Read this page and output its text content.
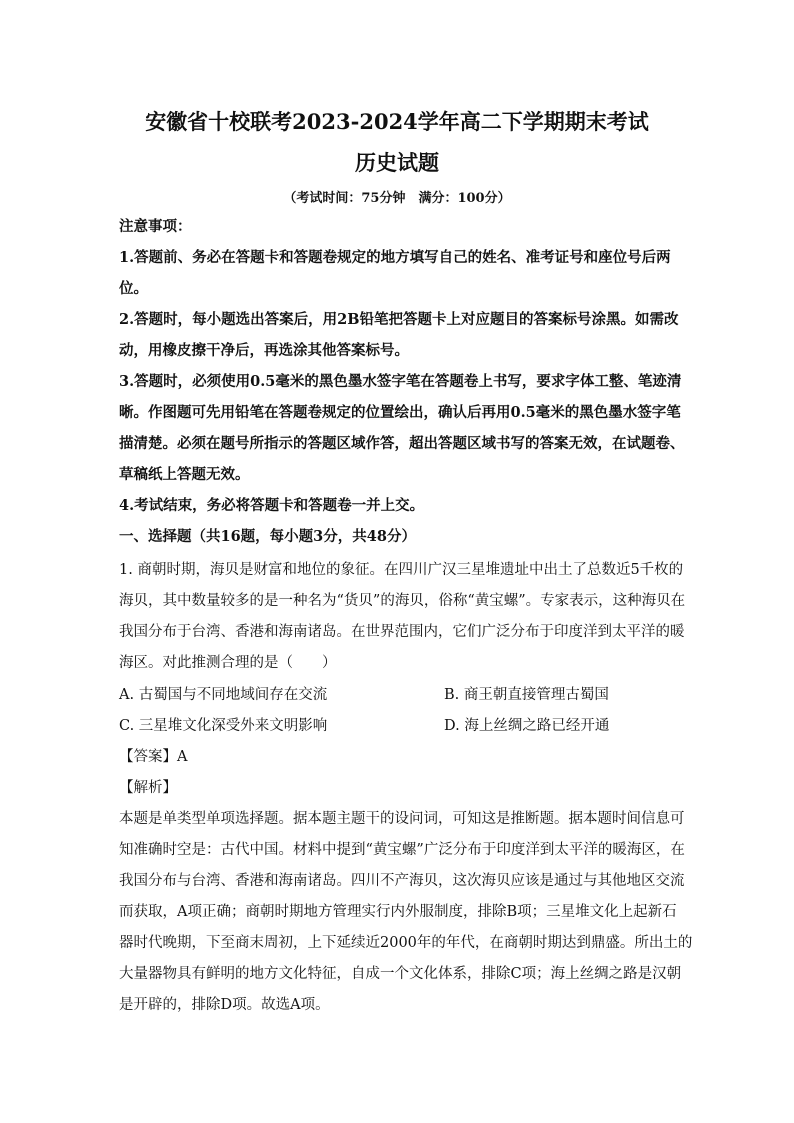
安徽省十校联考2023-2024学年高二下学期期末考试
历史试题
（考试时间：75分钟　满分：100分）
注意事项：
1.答题前、务必在答题卡和答题卷规定的地方填写自己的姓名、准考证号和座位号后两
位。
2.答题时，每小题选出答案后，用2B铅笔把答题卡上对应题目的答案标号涂黑。如需改
动，用橡皮擦干净后，再选涂其他答案标号。
3.答题时，必须使用0.5毫米的黑色墨水签字笔在答题卷上书写，要求字体工整、笔迹清
晰。作图题可先用铅笔在答题卷规定的位置绘出，确认后再用0.5毫米的黑色墨水签字笔
描清楚。必须在题号所指示的答题区域作答，超出答题区域书写的答案无效，在试题卷、
草稿纸上答题无效。
4.考试结束，务必将答题卡和答题卷一并上交。
一、选择题（共16题，每小题3分，共48分）
1. 商朝时期，海贝是财富和地位的象征。在四川广汉三星堆遗址中出土了总数近5千枚的
海贝，其中数量较多的是一种名为“货贝”的海贝，俗称“黄宝螺”。专家表示，这种海贝在
我国分布于台湾、香港和海南诸岛。在世界范围内，它们广泛分布于印度洋到太平洋的暖
海区。对此推测合理的是（　　）
A. 古蜀国与不同地域间存在交流	B. 商王朝直接管理古蜀国
C. 三星堆文化深受外来文明影响	D. 海上丝绸之路已经开通
【答案】A
【解析】
本题是单类型单项选择题。据本题主题干的设问词，可知这是推断题。据本题时间信息可
知准确时空是：古代中国。材料中提到“黄宝螺”广泛分布于印度洋到太平洋的暖海区，在
我国分布与台湾、香港和海南诸岛。四川不产海贝，这次海贝应该是通过与其他地区交流
而获取，A项正确；商朝时期地方管理实行内外服制度，排除B项；三星堆文化上起新石
器时代晚期，下至商末周初，上下延续近2000年的年代，在商朝时期达到鼎盛。所出土的
大量器物具有鲜明的地方文化特征，自成一个文化体系，排除C项；海上丝绸之路是汉朝
是开辟的，排除D项。故选A项。
